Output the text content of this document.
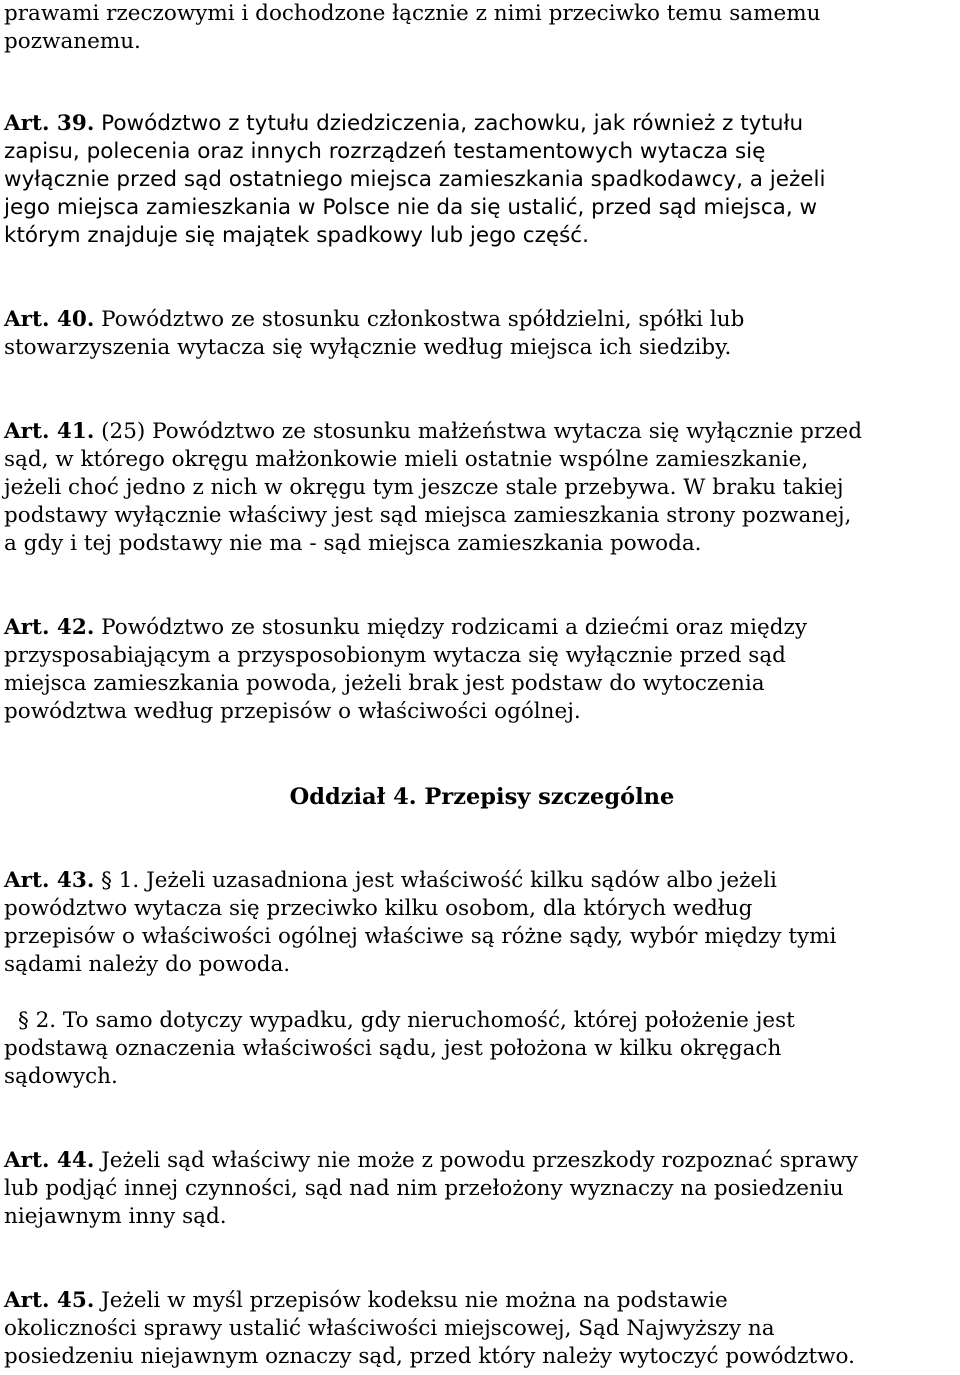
prawami rzeczowymi i dochodzone łącznie z nimi przeciwko temu samemu
pozwanemu.
Art. 39. Powództwo z tytułu dziedziczenia, zachowku, jak również z tytułu
zapisu, polecenia oraz innych rozrządzeń testamentowych wytacza się
wyłącznie przed sąd ostatniego miejsca zamieszkania spadkodawcy, a jeżeli
jego miejsca zamieszkania w Polsce nie da się ustalić, przed sąd miejsca, w
którym znajduje się majątek spadkowy lub jego część.
Art. 40. Powództwo ze stosunku członkostwa spółdzielni, spółki lub
stowarzyszenia wytacza się wyłącznie według miejsca ich siedziby.
Art. 41. (25) Powództwo ze stosunku małżeństwa wytacza się wyłącznie przed
sąd, w którego okręgu małżonkowie mieli ostatnie wspólne zamieszkanie,
jeżeli choć jedno z nich w okręgu tym jeszcze stale przebywa. W braku takiej
podstawy wyłącznie właściwy jest sąd miejsca zamieszkania strony pozwanej,
a gdy i tej podstawy nie ma - sąd miejsca zamieszkania powoda.
Art. 42. Powództwo ze stosunku między rodzicami a dziećmi oraz między
przysposabiającym a przysposobionym wytacza się wyłącznie przed sąd
miejsca zamieszkania powoda, jeżeli brak jest podstaw do wytoczenia
powództwa według przepisów o właściwości ogólnej.
Oddział 4. Przepisy szczególne
Art. 43. § 1. Jeżeli uzasadniona jest właściwość kilku sądów albo jeżeli
powództwo wytacza się przeciwko kilku osobom, dla których według
przepisów o właściwości ogólnej właściwe są różne sądy, wybór między tymi
sądami należy do powoda.
§ 2. To samo dotyczy wypadku, gdy nieruchomość, której położenie jest
podstawą oznaczenia właściwości sądu, jest położona w kilku okręgach
sądowych.
Art. 44. Jeżeli sąd właściwy nie może z powodu przeszkody rozpoznać sprawy
lub podjąć innej czynności, sąd nad nim przełożony wyznaczy na posiedzeniu
niejawnym inny sąd.
Art. 45. Jeżeli w myśl przepisów kodeksu nie można na podstawie
okoliczności sprawy ustalić właściwości miejscowej, Sąd Najwyższy na
posiedzeniu niejawnym oznaczy sąd, przed który należy wytoczyć powództwo.
